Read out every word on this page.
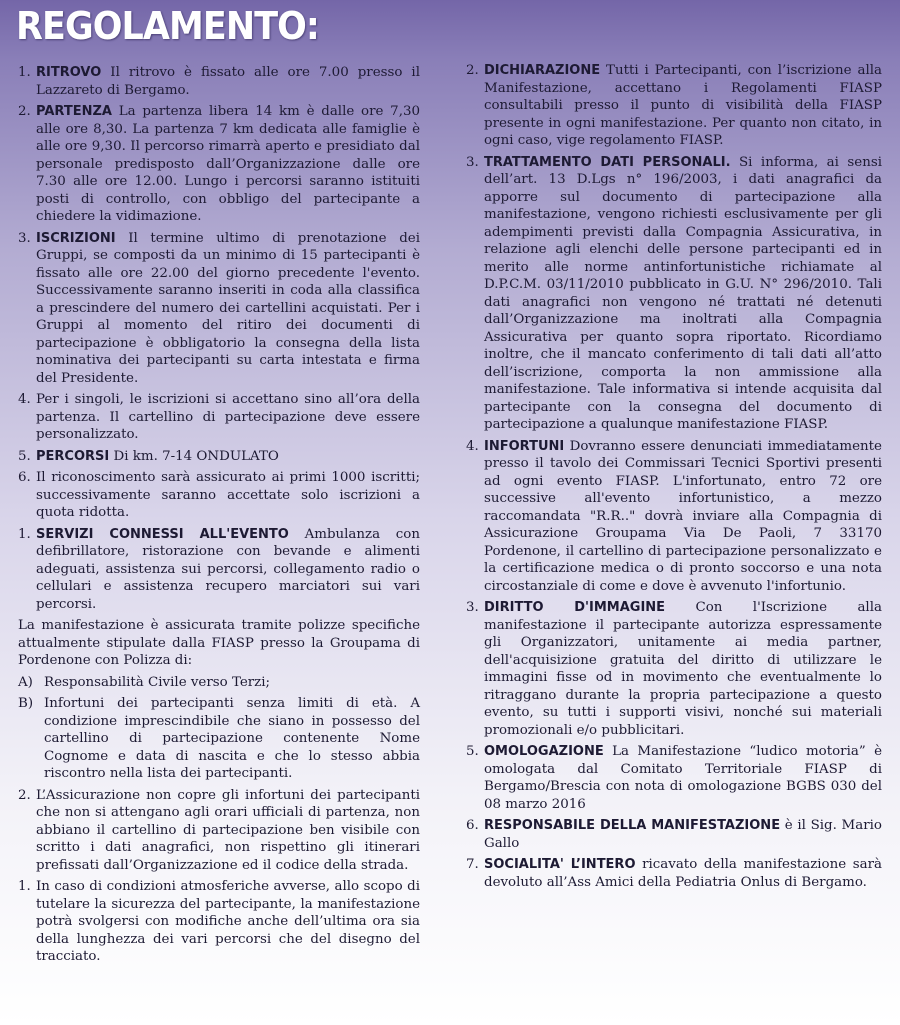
REGOLAMENTO:
1. RITROVO Il ritrovo è fissato alle ore 7.00 presso il Lazzareto di Bergamo.
2. PARTENZA La partenza libera 14 km è dalle ore 7,30 alle ore 8,30. La partenza 7 km dedicata alle famiglie è alle ore 9,30. Il percorso rimarrà aperto e presidiato dal personale predisposto dall’Organizzazione dalle ore 7.30 alle ore 12.00. Lungo i percorsi saranno istituiti posti di controllo, con obbligo del partecipante a chiedere la vidimazione.
3. ISCRIZIONI Il termine ultimo di prenotazione dei Gruppi, se composti da un minimo di 15 partecipanti è fissato alle ore 22.00 del giorno precedente l'evento. Successivamente saranno inseriti in coda alla classifica a prescindere del numero dei cartellini acquistati. Per i Gruppi al momento del ritiro dei documenti di partecipazione è obbligatorio la consegna della lista nominativa dei partecipanti su carta intestata e firma del Presidente.
4. Per i singoli, le iscrizioni si accettano sino all’ora della partenza. Il cartellino di partecipazione deve essere personalizzato.
5. PERCORSI Di km. 7-14 ONDULATO
6. Il riconoscimento sarà assicurato ai primi 1000 iscritti; successivamente saranno accettate solo iscrizioni a quota ridotta.
1. SERVIZI CONNESSI ALL'EVENTO Ambulanza con defibrillatore, ristorazione con bevande e alimenti adeguati, assistenza sui percorsi, collegamento radio o cellulari e assistenza recupero marciatori sui vari percorsi.
La manifestazione è assicurata tramite polizze specifiche attualmente stipulate dalla FIASP presso la Groupama di Pordenone con Polizza di:
A) Responsabilità Civile verso Terzi;
B) Infortuni dei partecipanti senza limiti di età. A condizione imprescindibile che siano in possesso del cartellino di partecipazione contenente Nome Cognome e data di nascita e che lo stesso abbia riscontro nella lista dei partecipanti.
2. L’Assicurazione non copre gli infortuni dei partecipanti che non si attengano agli orari ufficiali di partenza, non abbiano il cartellino di partecipazione ben visibile con scritto i dati anagrafici, non rispettino gli itinerari prefissati dall’Organizzazione ed il codice della strada.
1. In caso di condizioni atmosferiche avverse, allo scopo di tutelare la sicurezza del partecipante, la manifestazione potrà svolgersi con modifiche anche dell’ultima ora sia della lunghezza dei vari percorsi che del disegno del tracciato.
2. DICHIARAZIONE Tutti i Partecipanti, con l’iscrizione alla Manifestazione, accettano i Regolamenti FIASP consultabili presso il punto di visibilità della FIASP presente in ogni manifestazione. Per quanto non citato, in ogni caso, vige regolamento FIASP.
3. TRATTAMENTO DATI PERSONALI. Si informa, ai sensi dell’art. 13 D.Lgs n° 196/2003, i dati anagrafici da apporre sul documento di partecipazione alla manifestazione, vengono richiesti esclusivamente per gli adempimenti previsti dalla Compagnia Assicurativa, in relazione agli elenchi delle persone partecipanti ed in merito alle norme antinfortunistiche richiamate al D.P.C.M. 03/11/2010 pubblicato in G.U. N° 296/2010. Tali dati anagrafici non vengono né trattati né detenuti dall’Organizzazione ma inoltrati alla Compagnia Assicurativa per quanto sopra riportato. Ricordiamo inoltre, che il mancato conferimento di tali dati all’atto dell’iscrizione, comporta la non ammissione alla manifestazione. Tale informativa si intende acquisita dal partecipante con la consegna del documento di partecipazione a qualunque manifestazione FIASP.
4. INFORTUNI Dovranno essere denunciati immediatamente presso il tavolo dei Commissari Tecnici Sportivi presenti ad ogni evento FIASP. L'infortunato, entro 72 ore successive all'evento infortunistico, a mezzo raccomandata "R.R.." dovrà inviare alla Compagnia di Assicurazione Groupama Via De Paoli, 7 33170 Pordenone, il cartellino di partecipazione personalizzato e la certificazione medica o di pronto soccorso e una nota circostanziale di come e dove è avvenuto l'infortunio.
3. DIRITTO D'IMMAGINE Con l'Iscrizione alla manifestazione il partecipante autorizza espressamente gli Organizzatori, unitamente ai media partner, dell'acquisizione gratuita del diritto di utilizzare le immagini fisse od in movimento che eventualmente lo ritraggano durante la propria partecipazione a questo evento, su tutti i supporti visivi, nonché sui materiali promozionali e/o pubblicitari.
5. OMOLOGAZIONE La Manifestazione “ludico motoria” è omologata dal Comitato Territoriale FIASP di Bergamo/Brescia con nota di omologazione BGBS 030 del 08 marzo 2016
6. RESPONSABILE DELLA MANIFESTAZIONE è il Sig. Mario Gallo
7. SOCIALITA' L’INTERO ricavato della manifestazione sarà devoluto all’Ass Amici della Pediatria Onlus di Bergamo.
